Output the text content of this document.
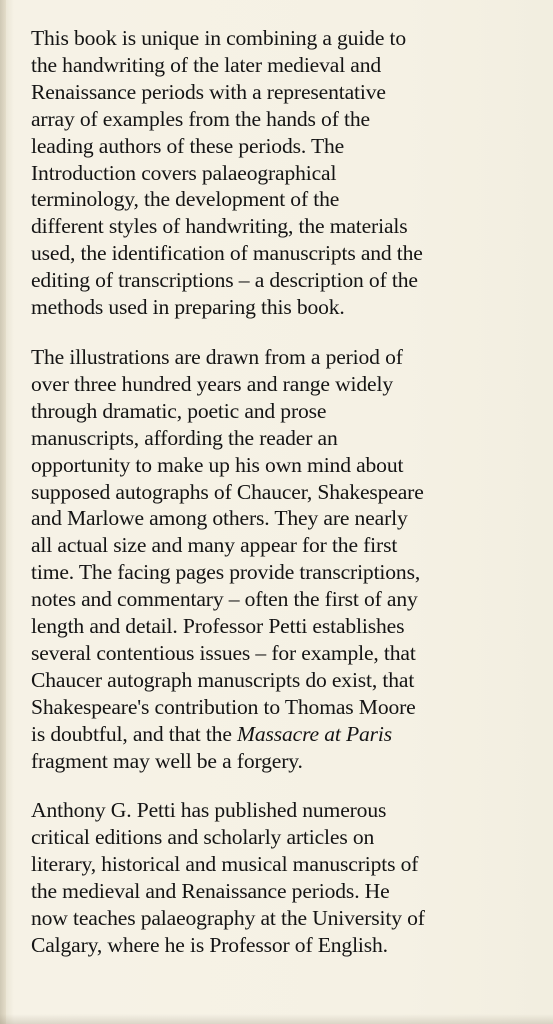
This book is unique in combining a guide to
the handwriting of the later medieval and
Renaissance periods with a representative
array of examples from the hands of the
leading authors of these periods. The
Introduction covers palaeographical
terminology, the development of the
different styles of handwriting, the materials
used, the identification of manuscripts and the
editing of transcriptions – a description of the
methods used in preparing this book.

The illustrations are drawn from a period of
over three hundred years and range widely
through dramatic, poetic and prose
manuscripts, affording the reader an
opportunity to make up his own mind about
supposed autographs of Chaucer, Shakespeare
and Marlowe among others. They are nearly
all actual size and many appear for the first
time. The facing pages provide transcriptions,
notes and commentary – often the first of any
length and detail. Professor Petti establishes
several contentious issues – for example, that
Chaucer autograph manuscripts do exist, that
Shakespeare's contribution to Thomas Moore
is doubtful, and that the Massacre at Paris
fragment may well be a forgery.

Anthony G. Petti has published numerous
critical editions and scholarly articles on
literary, historical and musical manuscripts of
the medieval and Renaissance periods. He
now teaches palaeography at the University of
Calgary, where he is Professor of English.
